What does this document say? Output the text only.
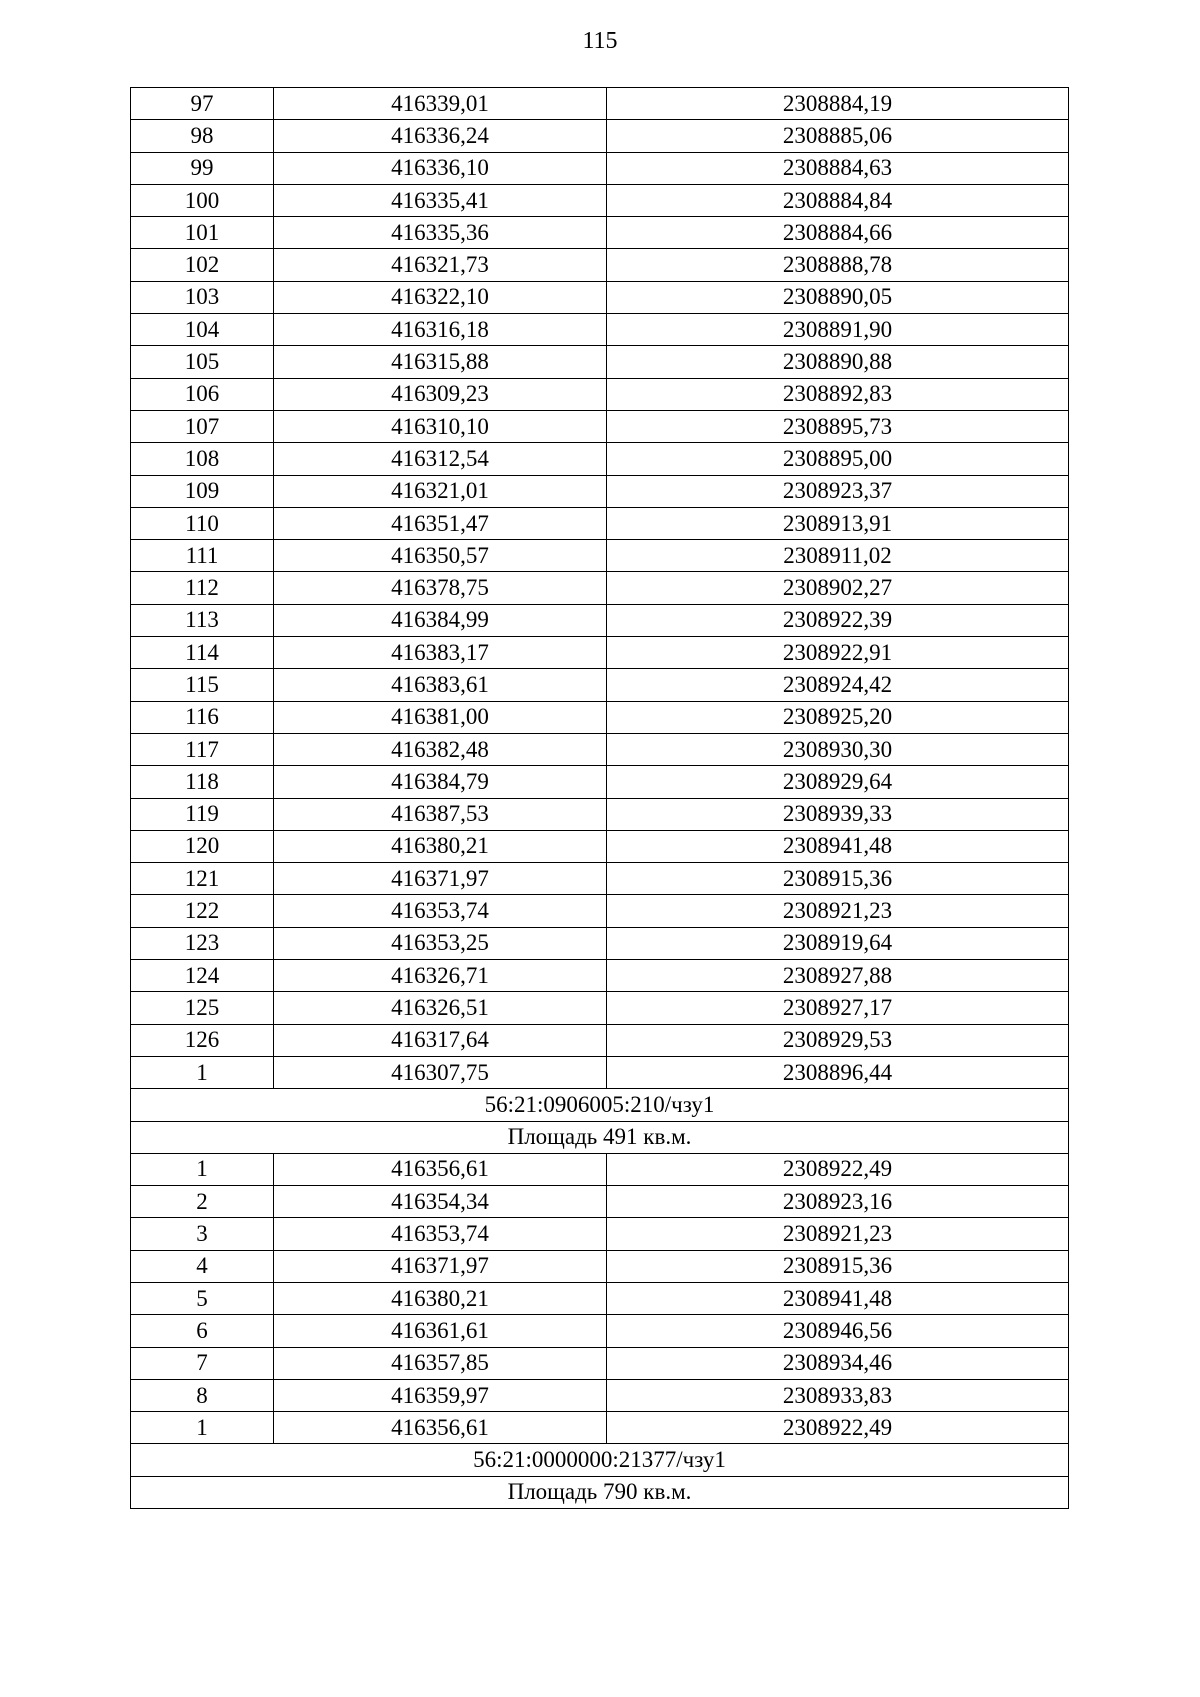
115
97	416339,01	2308884,19
98	416336,24	2308885,06
99	416336,10	2308884,63
100	416335,41	2308884,84
101	416335,36	2308884,66
102	416321,73	2308888,78
103	416322,10	2308890,05
104	416316,18	2308891,90
105	416315,88	2308890,88
106	416309,23	2308892,83
107	416310,10	2308895,73
108	416312,54	2308895,00
109	416321,01	2308923,37
110	416351,47	2308913,91
111	416350,57	2308911,02
112	416378,75	2308902,27
113	416384,99	2308922,39
114	416383,17	2308922,91
115	416383,61	2308924,42
116	416381,00	2308925,20
117	416382,48	2308930,30
118	416384,79	2308929,64
119	416387,53	2308939,33
120	416380,21	2308941,48
121	416371,97	2308915,36
122	416353,74	2308921,23
123	416353,25	2308919,64
124	416326,71	2308927,88
125	416326,51	2308927,17
126	416317,64	2308929,53
1	416307,75	2308896,44
56:21:0906005:210/чзу1		
Площадь 491 кв.м.		
1	416356,61	2308922,49
2	416354,34	2308923,16
3	416353,74	2308921,23
4	416371,97	2308915,36
5	416380,21	2308941,48
6	416361,61	2308946,56
7	416357,85	2308934,46
8	416359,97	2308933,83
1	416356,61	2308922,49
56:21:0000000:21377/чзу1		
Площадь 790 кв.м.		
